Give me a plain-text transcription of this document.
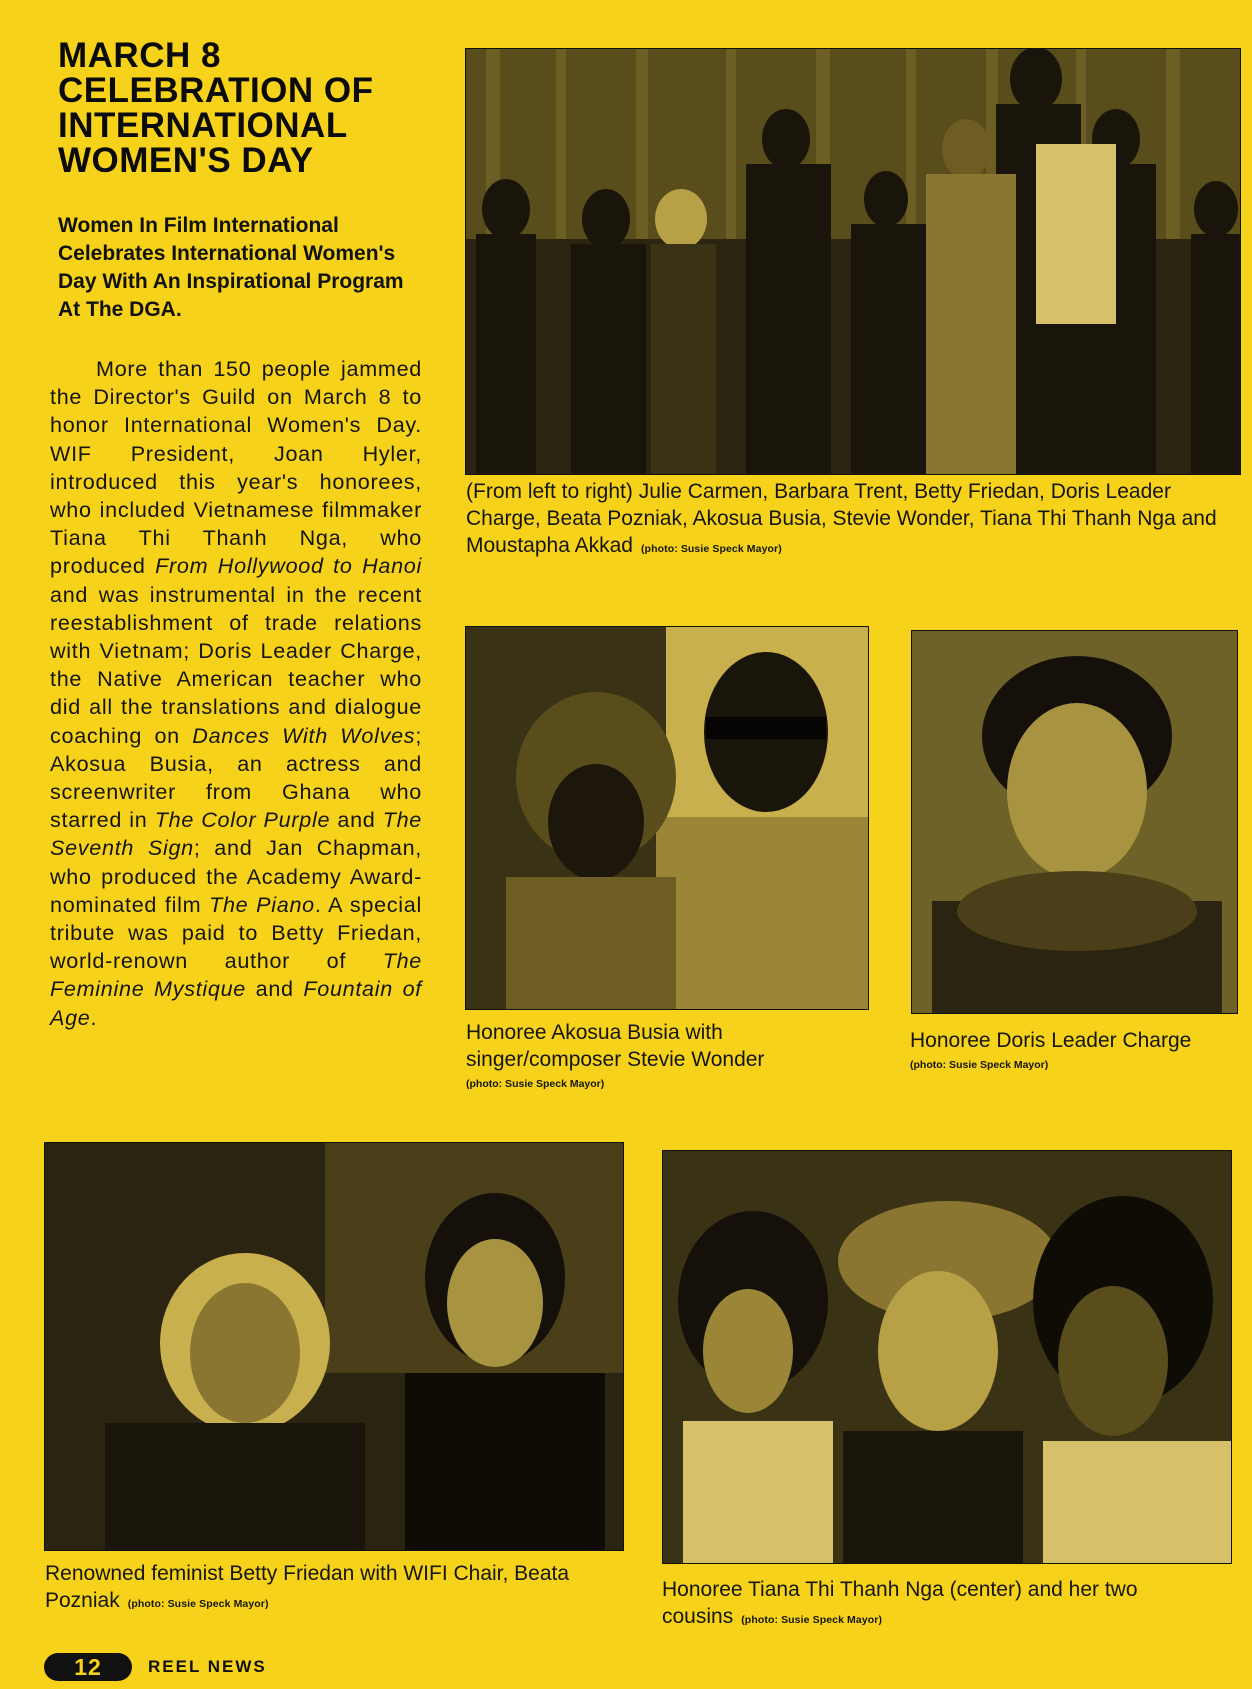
MARCH 8
CELEBRATION OF
INTERNATIONAL
WOMEN'S DAY
Women In Film International Celebrates International Women's Day With An Inspirational Program At The DGA.
More than 150 people jammed the Director's Guild on March 8 to honor International Women's Day. WIF President, Joan Hyler, introduced this year's honorees, who included Vietnamese filmmaker Tiana Thi Thanh Nga, who produced From Hollywood to Hanoi and was instrumental in the recent reestablishment of trade relations with Vietnam; Doris Leader Charge, the Native American teacher who did all the translations and dialogue coaching on Dances With Wolves; Akosua Busia, an actress and screenwriter from Ghana who starred in The Color Purple and The Seventh Sign; and Jan Chapman, who produced the Academy Award-nominated film The Piano. A special tribute was paid to Betty Friedan, world-renown author of The Feminine Mystique and Fountain of Age.
(From left to right) Julie Carmen, Barbara Trent, Betty Friedan, Doris Leader Charge, Beata Pozniak, Akosua Busia, Stevie Wonder, Tiana Thi Thanh Nga and Moustapha Akkad (photo: Susie Speck Mayor)
Honoree Akosua Busia with singer/composer Stevie Wonder
(photo: Susie Speck Mayor)
Honoree Doris Leader Charge
(photo: Susie Speck Mayor)
Renowned feminist Betty Friedan with WIFI Chair, Beata Pozniak (photo: Susie Speck Mayor)
Honoree Tiana Thi Thanh Nga (center) and her two cousins (photo: Susie Speck Mayor)
12	REEL NEWS
